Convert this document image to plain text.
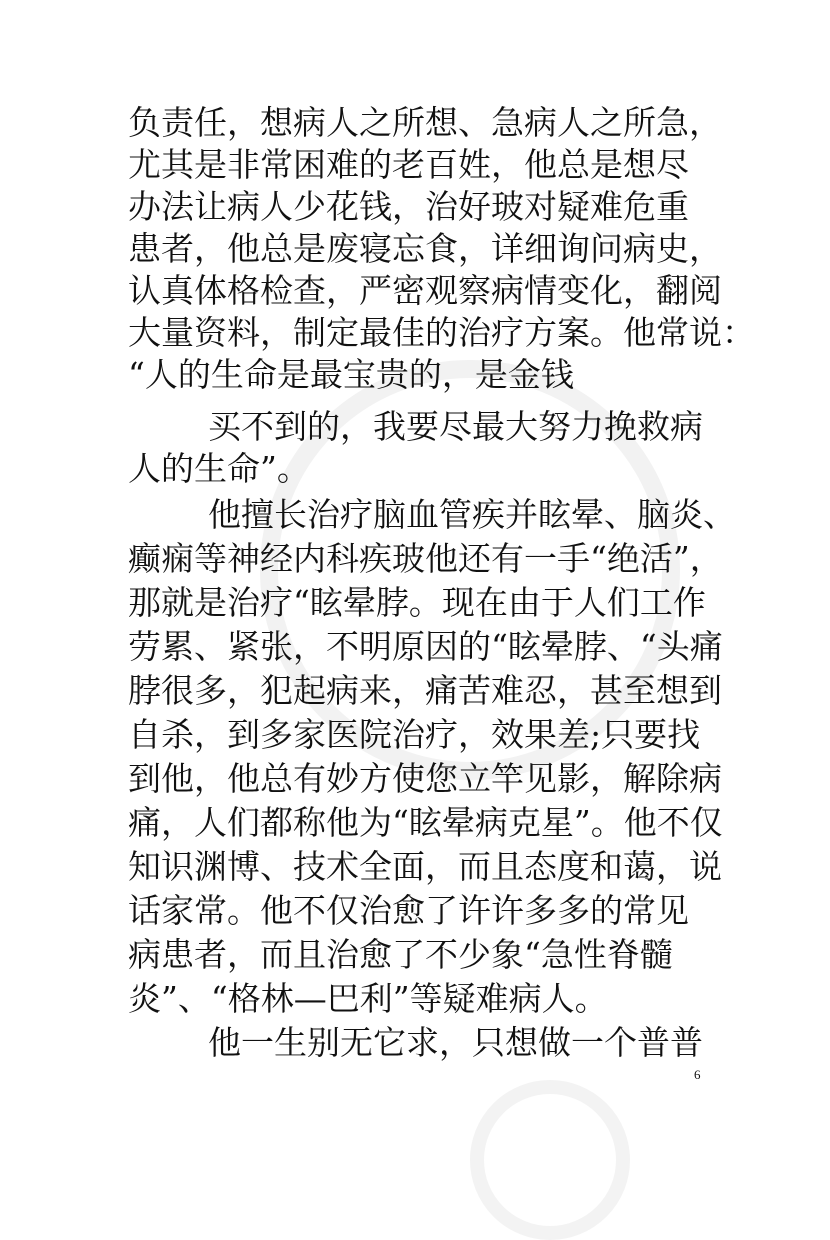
负责任，想病人之所想、急病人之所急，
尤其是非常困难的老百姓，他总是想尽
办法让病人少花钱，治好玻对疑难危重
患者，他总是废寝忘食，详细询问病史，
认真体格检查，严密观察病情变化，翻阅
大量资料，制定最佳的治疗方案。他常说：
“人的生命是最宝贵的，是金钱
买不到的，我要尽最大努力挽救病
人的生命”。
他擅长治疗脑血管疾并眩晕、脑炎、
癫痫等神经内科疾玻他还有一手“绝活”，
那就是治疗“眩晕脖。现在由于人们工作
劳累、紧张，不明原因的“眩晕脖、“头痛
脖很多，犯起病来，痛苦难忍，甚至想到
自杀，到多家医院治疗，效果差;只要找
到他，他总有妙方使您立竿见影，解除病
痛，人们都称他为“眩晕病克星”。他不仅
知识渊博、技术全面，而且态度和蔼，说
话家常。他不仅治愈了许许多多的常见
病患者，而且治愈了不少象“急性脊髓
炎”、“格林—巴利”等疑难病人。
他一生别无它求，只想做一个普普
6
